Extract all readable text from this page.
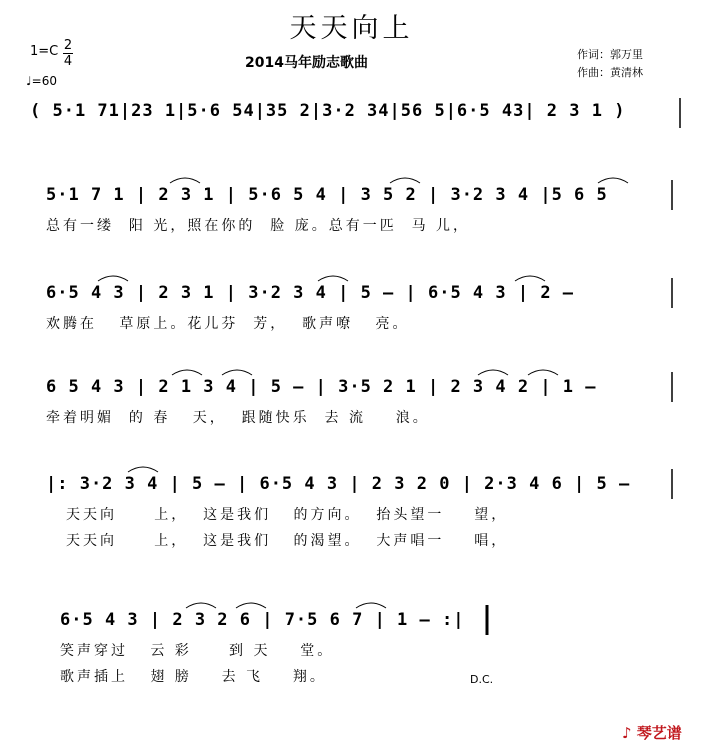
天天向上
2014马年励志歌曲
作词：郭万里
作曲：黄清林
1=C 2
4
♩=60
( 5·1 71|23 1|5·6 54|35 2|3·2 34|56 5|6·5 43| 2 3 1 )
5·1 7 1 | 2 3 1 | 5·6 5 4 | 3 5 2 | 3·2 3 4 |5 6 5
总有一缕  阳 光，照在你的  脸 庞。总有一匹  马 儿，
6·5 4 3 | 2 3 1 | 3·2 3 4 | 5 – | 6·5 4 3 | 2 –
欢腾在   草原上。花儿芬  芳，  歌声嘹   亮。
6 5 4 3 | 2 1 3 4 | 5 – | 3·5 2 1 | 2 3 4 2 | 1 –
牵着明媚  的 春   天，  跟随快乐  去 流    浪。
|: 3·2 3 4 | 5 – | 6·5 4 3 | 2 3 2 0 | 2·3 4 6 | 5 –
天天向     上，  这是我们   的方向。  抬头望一    望，
天天向     上，  这是我们   的渴望。  大声唱一    唱，
6·5 4 3 | 2 3 2 6 | 7·5 6 7 | 1 – :|
笑声穿过   云 彩     到 天    堂。
歌声插上   翅 膀    去 飞    翔。	D.C.
♪ 琴艺谱
